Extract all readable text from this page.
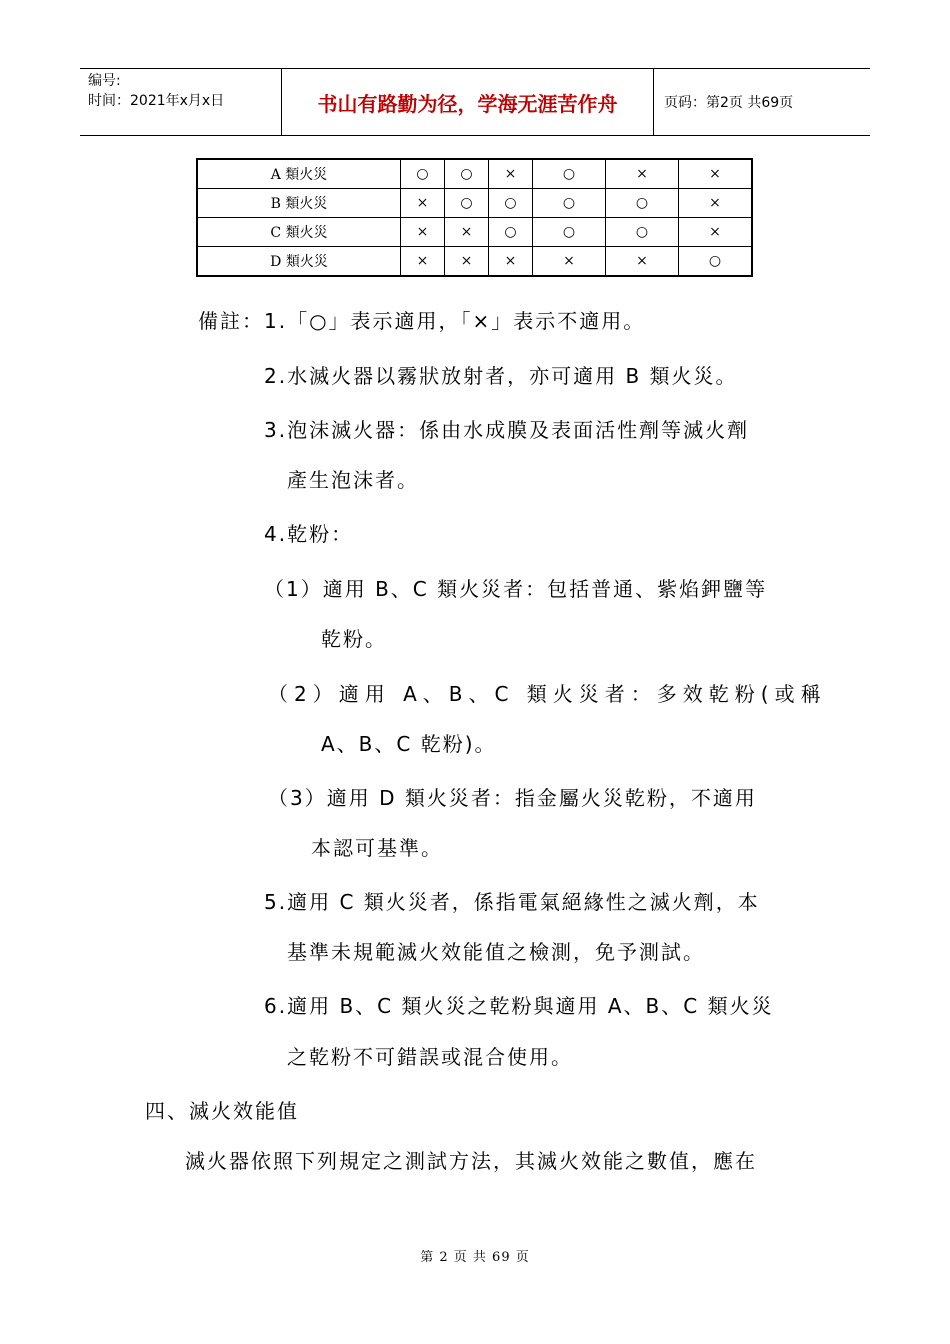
编号:
时间：2021年x月x日	书山有路勤为径，学海无涯苦作舟	页码：第2页 共69页
A 類火災	○	○	×	○	×	×
B 類火災	×	○	○	○	○	×
C 類火災	×	×	○	○	○	×
D 類火災	×	×	×	×	×	○
備註：1.「○」表示適用，「×」表示不適用。
2.水滅火器以霧狀放射者，亦可適用 B 類火災。
3.泡沫滅火器：係由水成膜及表面活性劑等滅火劑
產生泡沫者。
4.乾粉：
（1）適用 B、C 類火災者：包括普通、紫焰鉀鹽等
乾粉。
（2）適用 A、B、C 類火災者：多效乾粉(或稱
A、B、C 乾粉)。
（3）適用 D 類火災者：指金屬火災乾粉，不適用
本認可基準。
5.適用 C 類火災者，係指電氣絕緣性之滅火劑，本
基準未規範滅火效能值之檢測，免予測試。
6.適用 B、C 類火災之乾粉與適用 A、B、C 類火災
之乾粉不可錯誤或混合使用。
四、滅火效能值
滅火器依照下列規定之測試方法，其滅火效能之數值，應在
第 2 页 共 69 页
